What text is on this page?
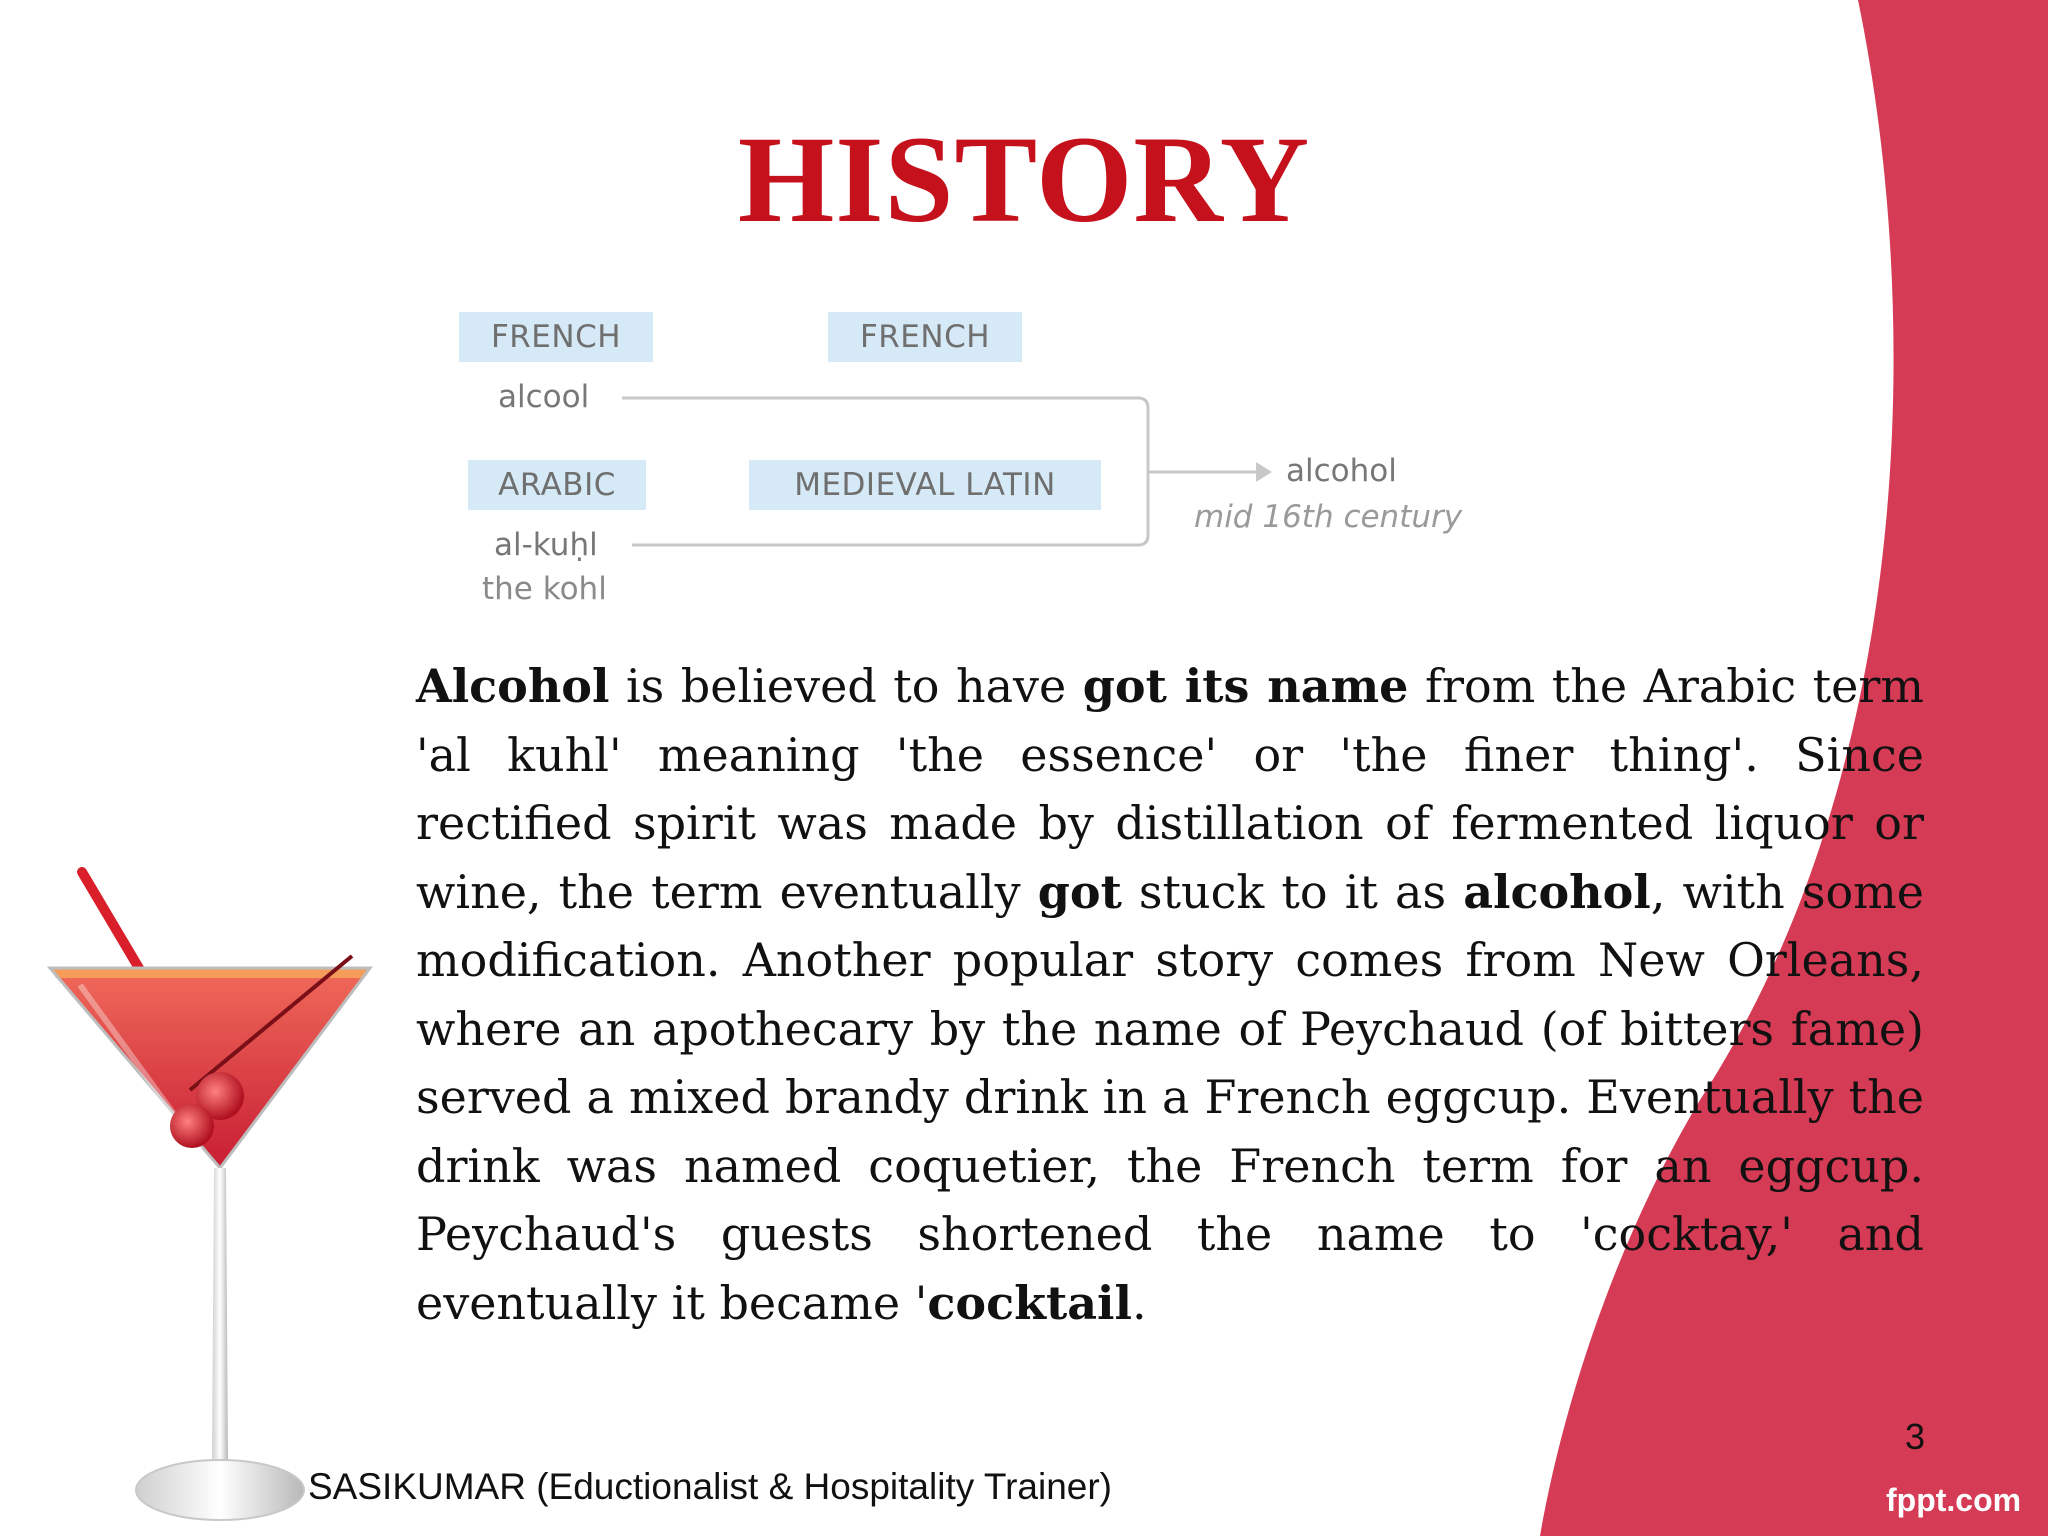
HISTORY
FRENCH	FRENCH
ARABIC	MEDIEVAL LATIN
alcool
al-kuḥl
the kohl
alcohol
mid 16th century

Alcohol is believed to have got its name from the Arabic term 'al kuhl' meaning 'the essence' or 'the finer thing'. Since rectified spirit was made by distillation of fermented liquor or wine, the term eventually got stuck to it as alcohol, with some modification. Another popular story comes from New Orleans, where an apothecary by the name of Peychaud (of bitters fame) served a mixed brandy drink in a French eggcup. Eventually the drink was named coquetier, the French term for an eggcup. Peychaud's guests shortened the name to 'cocktay,' and eventually it became 'cocktail.

3
SASIKUMAR (Eductionalist & Hospitality Trainer)	fppt.com
